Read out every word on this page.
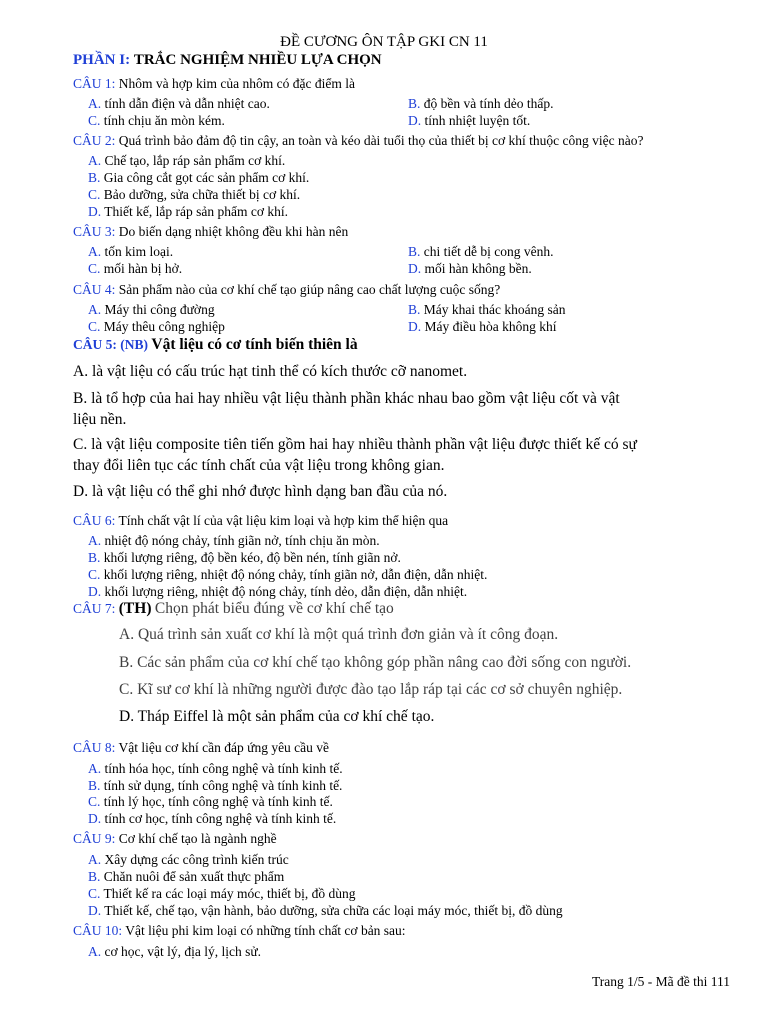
ĐỀ CƯƠNG ÔN TẬP GKI CN 11
PHẦN I: TRẮC NGHIỆM NHIỀU LỰA CHỌN
CÂU 1: Nhôm và hợp kim của nhôm có đặc điểm là
A. tính dẫn điện và dẫn nhiệt cao.	B. độ bền và tính dẻo thấp.
C. tính chịu ăn mòn kém.	D. tính nhiệt luyện tốt.
CÂU 2: Quá trình bảo đảm độ tin cậy, an toàn và kéo dài tuổi thọ của thiết bị cơ khí thuộc công việc nào?
A. Chế tạo, lắp ráp sản phẩm cơ khí.
B. Gia công cắt gọt các sản phẩm cơ khí.
C. Bảo dưỡng, sửa chữa thiết bị cơ khí.
D. Thiết kế, lắp ráp sản phẩm cơ khí.
CÂU 3: Do biến dạng nhiệt không đều khi hàn nên
A. tốn kim loại.	B. chi tiết dễ bị cong vênh.
C. mối hàn bị hở.	D. mối hàn không bền.
CÂU 4: Sản phẩm nào của cơ khí chế tạo giúp nâng cao chất lượng cuộc sống?
A. Máy thi công đường	B. Máy khai thác khoáng sản
C. Máy thêu công nghiệp	D. Máy điều hòa không khí
CÂU 5: (NB) Vật liệu có cơ tính biến thiên là
A. là vật liệu có cấu trúc hạt tinh thể có kích thước cỡ nanomet.
B. là tổ hợp của hai hay nhiều vật liệu thành phần khác nhau bao gồm vật liệu cốt và vật
liệu nền.
C. là vật liệu composite tiên tiến gồm hai hay nhiều thành phần vật liệu được thiết kế có sự
thay đổi liên tục các tính chất của vật liệu trong không gian.
D. là vật liệu có thể ghi nhớ được hình dạng ban đầu của nó.
CÂU 6: Tính chất vật lí của vật liệu kim loại và hợp kim thể hiện qua
A. nhiệt độ nóng chảy, tính giãn nở, tính chịu ăn mòn.
B. khối lượng riêng, độ bền kéo, độ bền nén, tính giãn nở.
C. khối lượng riêng, nhiệt độ nóng chảy, tính giãn nở, dẫn điện, dẫn nhiệt.
D. khối lượng riêng, nhiệt độ nóng chảy, tính dẻo, dẫn điện, dẫn nhiệt.
CÂU 7: (TH) Chọn phát biểu đúng về cơ khí chế tạo
A. Quá trình sản xuất cơ khí là một quá trình đơn giản và ít công đoạn.
B. Các sản phẩm của cơ khí chế tạo không góp phần nâng cao đời sống con người.
C. Kĩ sư cơ khí là những người được đào tạo lắp ráp tại các cơ sở chuyên nghiệp.
D. Tháp Eiffel là một sản phẩm của cơ khí chế tạo.
CÂU 8: Vật liệu cơ khí cần đáp ứng yêu cầu về
A. tính hóa học, tính công nghệ và tính kinh tế.
B. tính sử dụng, tính công nghệ và tính kinh tế.
C. tính lý học, tính công nghệ và tính kinh tế.
D. tính cơ học, tính công nghệ và tính kinh tế.
CÂU 9: Cơ khí chế tạo là ngành nghề
A. Xây dựng các công trình kiến trúc
B. Chăn nuôi để sản xuất thực phẩm
C. Thiết kế ra các loại máy móc, thiết bị, đồ dùng
D. Thiết kế, chế tạo, vận hành, bảo dưỡng, sửa chữa các loại máy móc, thiết bị, đồ dùng
CÂU 10: Vật liệu phi kim loại có những tính chất cơ bản sau:
A. cơ học, vật lý, địa lý, lịch sử.
Trang 1/5 - Mã đề thi 111
